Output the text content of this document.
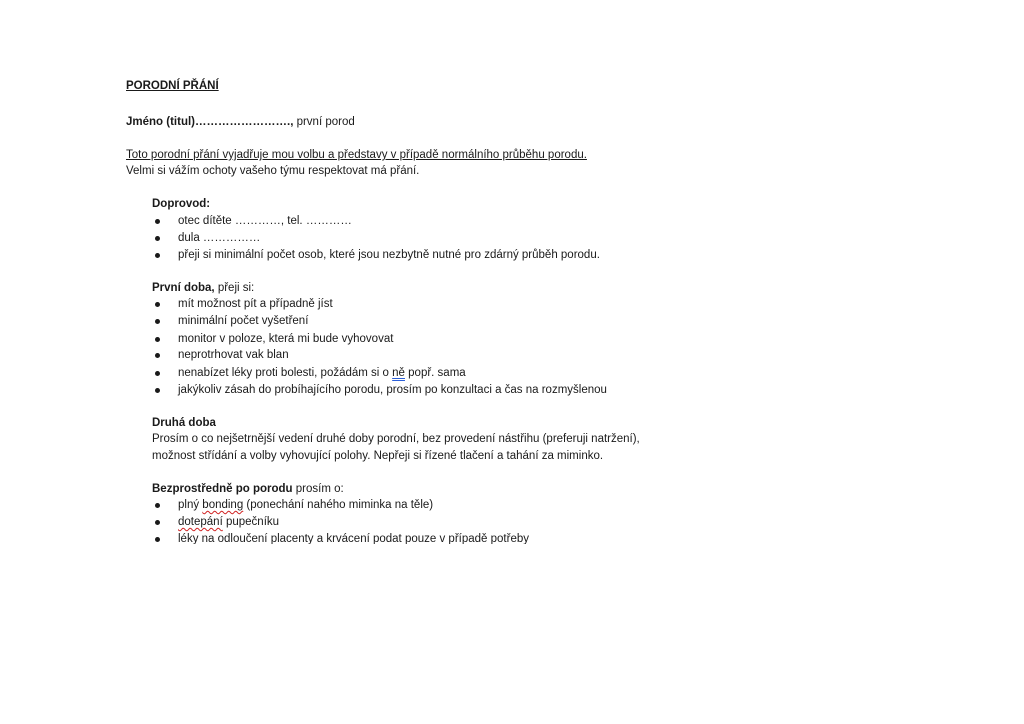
PORODNÍ PŘÁNÍ
Jméno (titul)……………………., první porod
Toto porodní přání vyjadřuje mou volbu a představy v případě normálního průběhu porodu.
Velmi si vážím ochoty vašeho týmu respektovat má přání.
Doprovod:
otec dítěte …………, tel. …………
dula ……………
přeji si minimální počet osob, které jsou nezbytně nutné pro zdárný průběh porodu.
První doba, přeji si:
mít možnost pít a případně jíst
minimální počet vyšetření
monitor v poloze, která mi bude vyhovovat
neprotrhovat vak blan
nenabízet léky proti bolesti, požádám si o ně popř. sama
jakýkoliv zásah do probíhajícího porodu, prosím po konzultaci a čas na rozmyšlenou
Druhá doba
Prosím o co nejšetrnější vedení druhé doby porodní, bez provedení nástřihu (preferuji natržení),
možnost střídání a volby vyhovující polohy. Nepřeji si řízené tlačení a tahání za miminko.
Bezprostředně po porodu prosím o:
plný bonding (ponechání nahého miminka na těle)
dotepání pupečníku
léky na odloučení placenty a krvácení podat pouze v případě potřeby
